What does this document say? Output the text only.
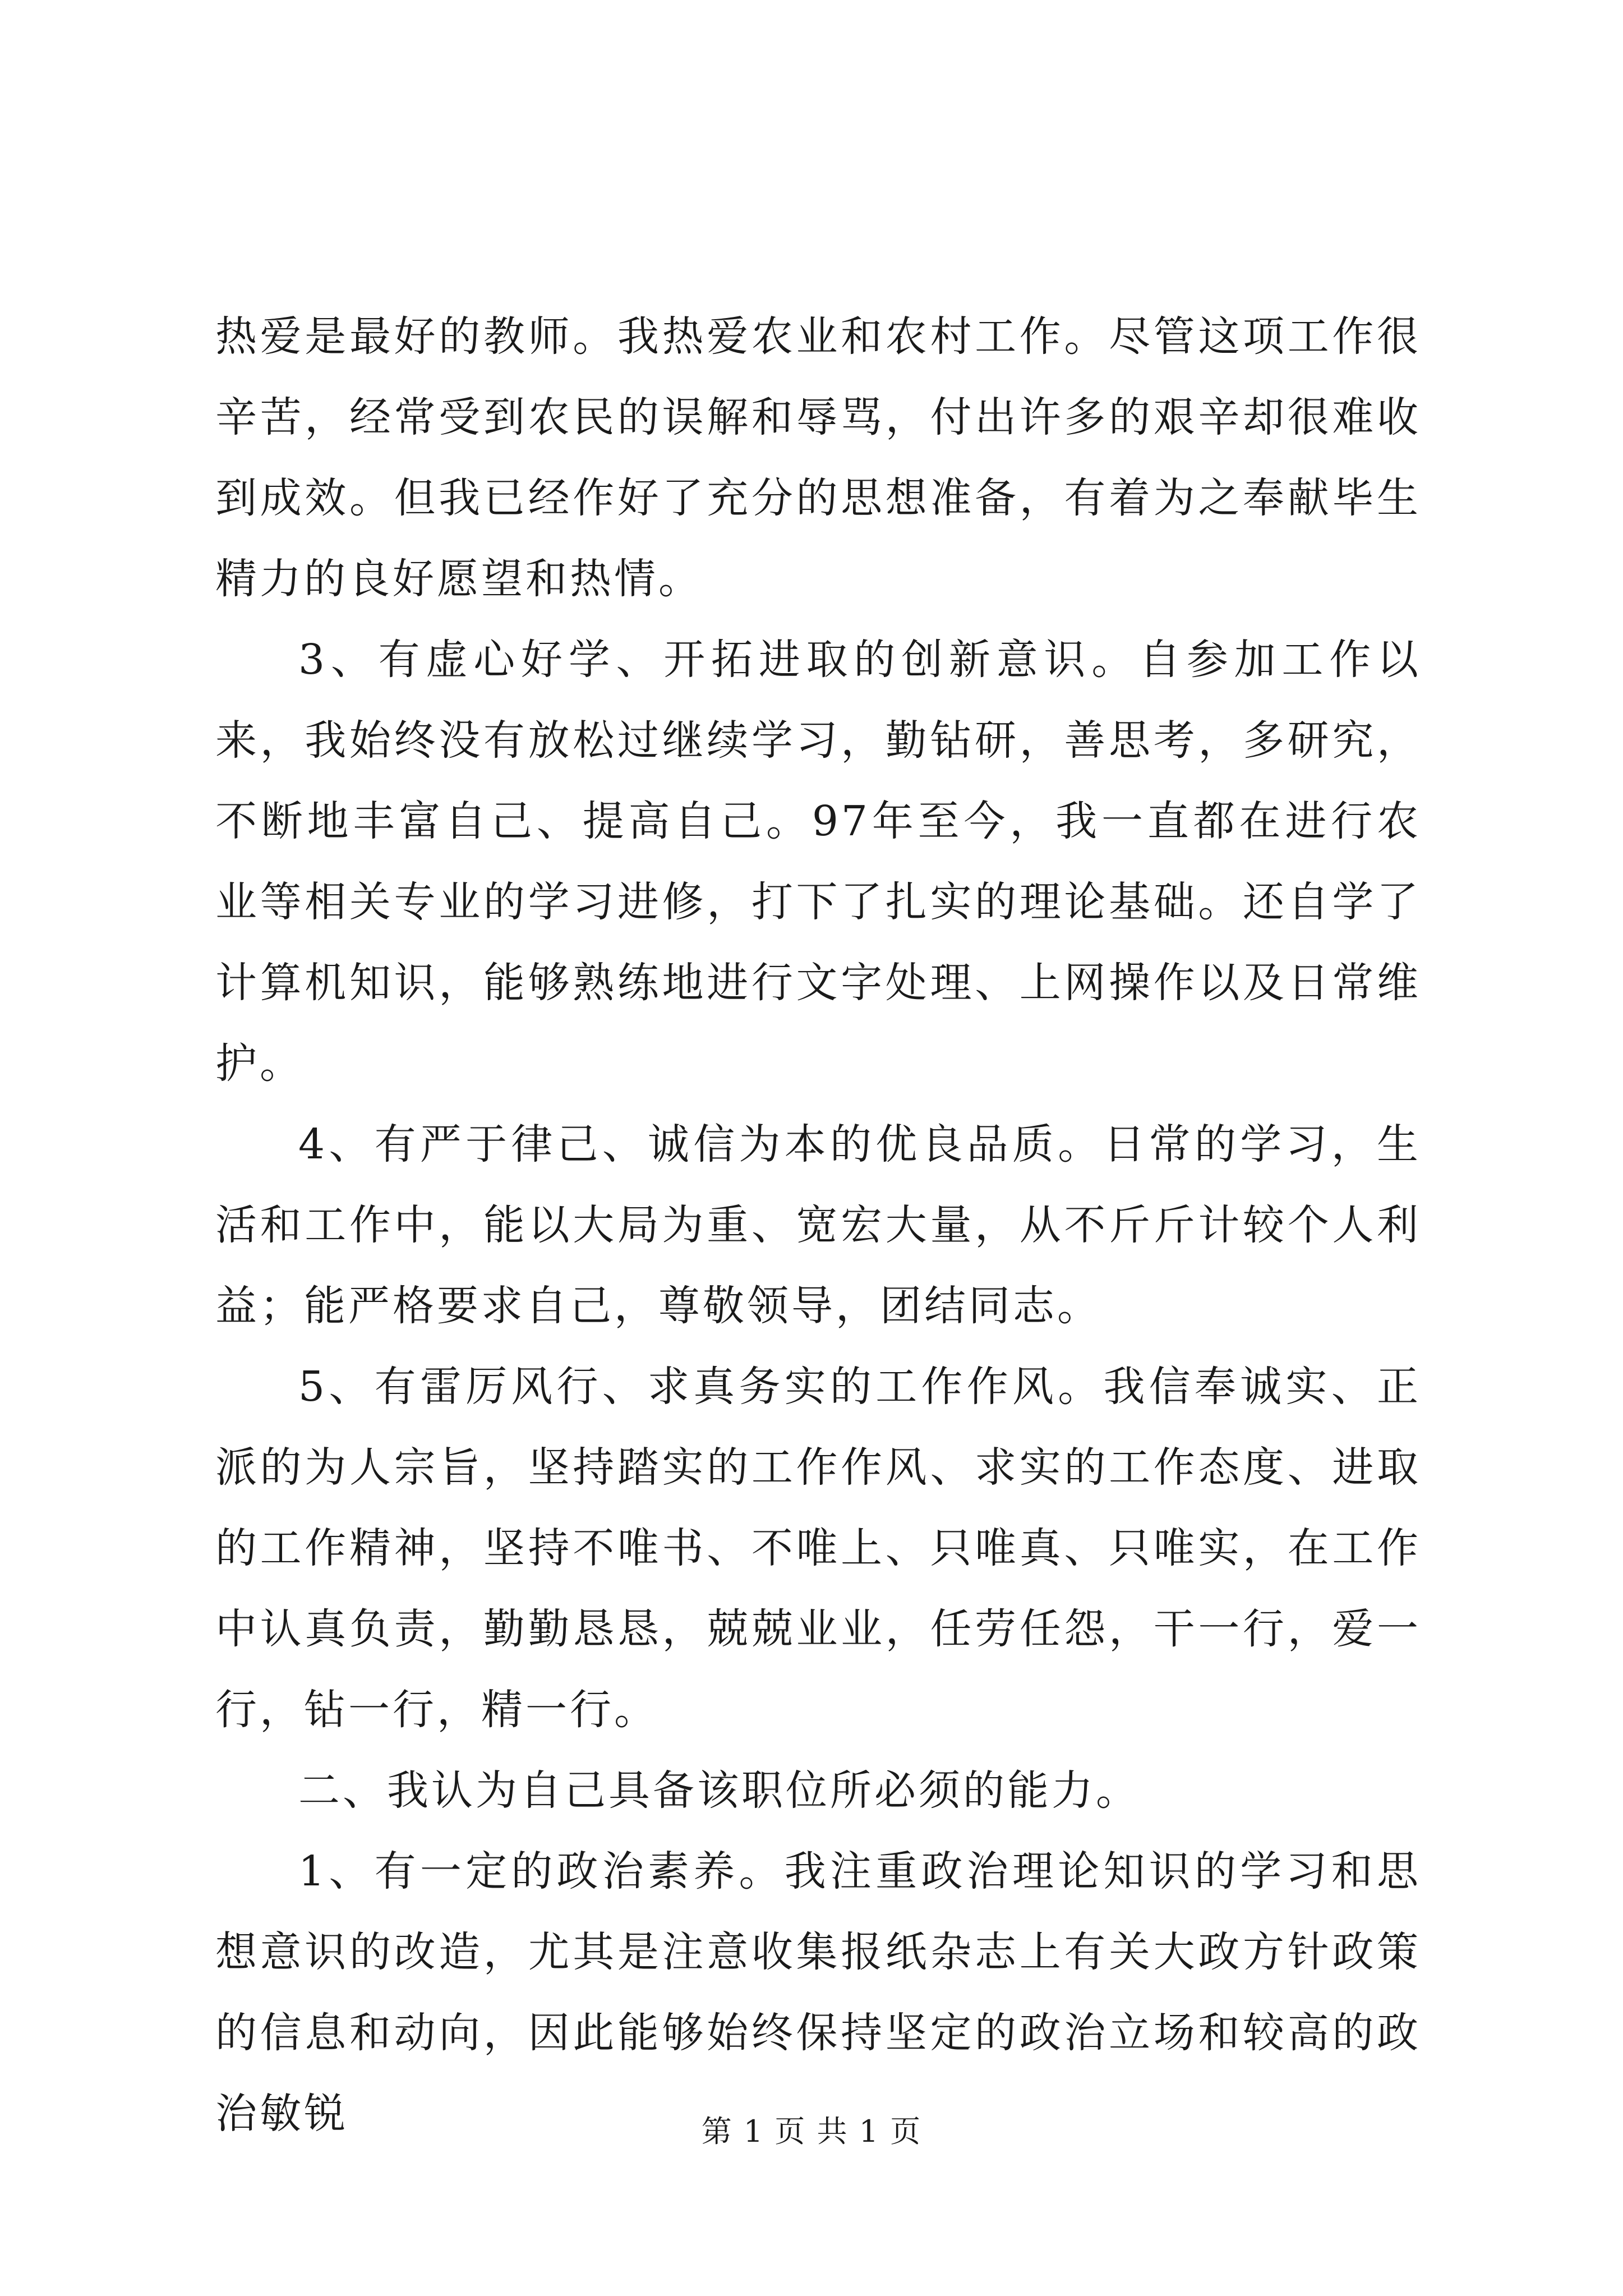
热爱是最好的教师。我热爱农业和农村工作。尽管这项工作很辛苦，经常受到农民的误解和辱骂，付出许多的艰辛却很难收到成效。但我已经作好了充分的思想准备，有着为之奉献毕生精力的良好愿望和热情。

3、有虚心好学、开拓进取的创新意识。自参加工作以来，我始终没有放松过继续学习，勤钻研，善思考，多研究，不断地丰富自己、提高自己。97年至今，我一直都在进行农业等相关专业的学习进修，打下了扎实的理论基础。还自学了计算机知识，能够熟练地进行文字处理、上网操作以及日常维护。

4、有严于律己、诚信为本的优良品质。日常的学习，生活和工作中，能以大局为重、宽宏大量，从不斤斤计较个人利益；能严格要求自己，尊敬领导，团结同志。

5、有雷厉风行、求真务实的工作作风。我信奉诚实、正派的为人宗旨，坚持踏实的工作作风、求实的工作态度、进取的工作精神，坚持不唯书、不唯上、只唯真、只唯实，在工作中认真负责，勤勤恳恳，兢兢业业，任劳任怨，干一行，爱一行，钻一行，精一行。

二、我认为自己具备该职位所必须的能力。

1、有一定的政治素养。我注重政治理论知识的学习和思想意识的改造，尤其是注意收集报纸杂志上有关大政方针政策的信息和动向，因此能够始终保持坚定的政治立场和较高的政治敏锐	第 1 页 共 1 页
